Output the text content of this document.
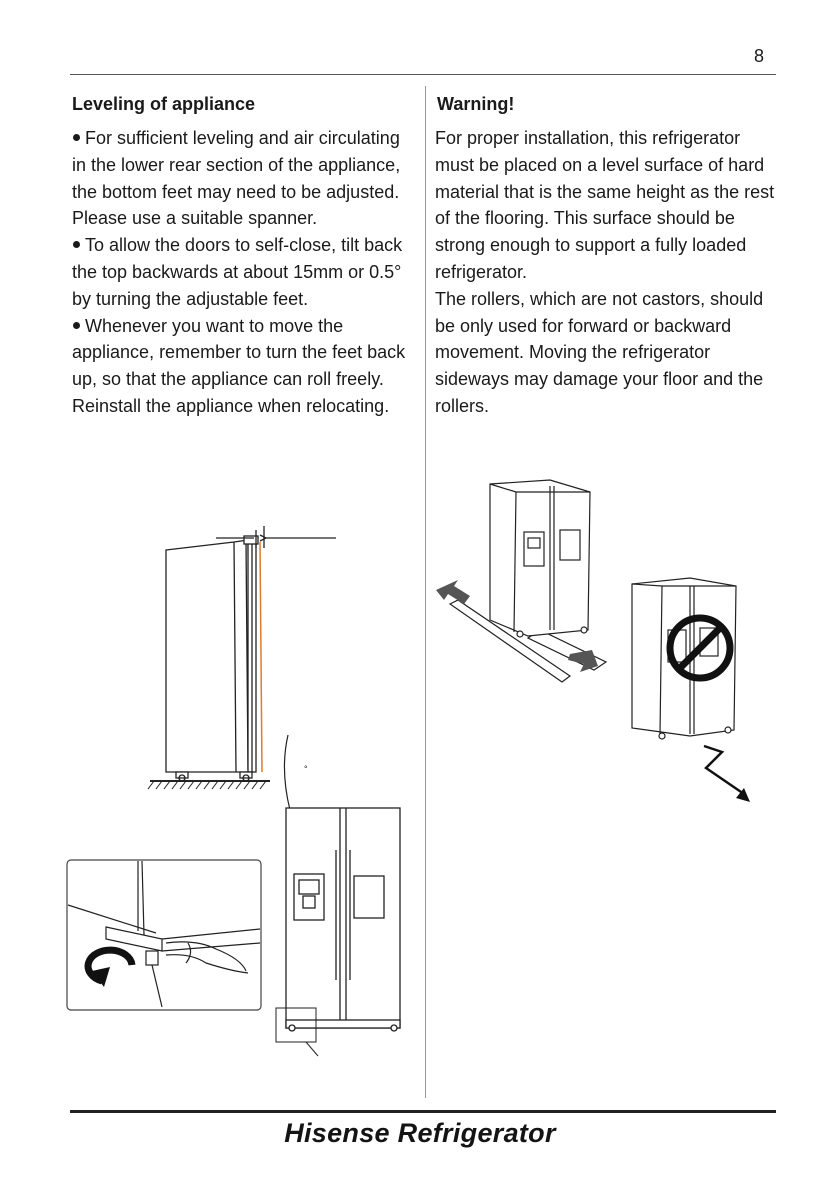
8
Leveling of appliance

For sufficient leveling and air circulating in the lower rear section of the appliance, the bottom feet may need to be adjusted. Please use a suitable spanner.

To allow the doors to self-close, tilt back the top backwards at about 15mm or 0.5° by turning the adjustable feet.

Whenever you want to move the appliance, remember to turn the feet back up, so that the appliance can roll freely. Reinstall the appliance when relocating.

Warning!

For proper installation, this refrigerator must be placed on a level surface of hard material that is the same height as the rest of the flooring. This surface should be strong enough to support a fully loaded refrigerator.

The rollers, which are not castors, should be only used for forward or backward movement. Moving the refrigerator sideways may damage your floor and the rollers.

°
Hisense Refrigerator
